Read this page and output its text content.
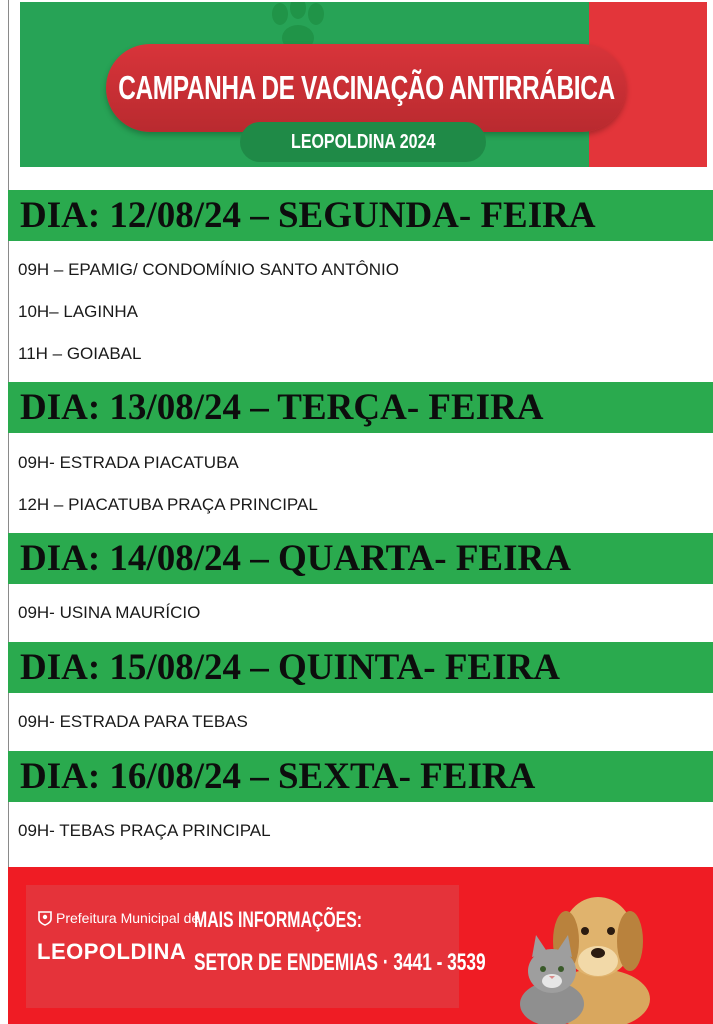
CAMPANHA DE VACINAÇÃO ANTIRRÁBICA
LEOPOLDINA 2024
DIA: 12/08/24 – SEGUNDA- FEIRA
09H – EPAMIG/ CONDOMÍNIO SANTO ANTÔNIO
10H– LAGINHA
11H – GOIABAL
DIA: 13/08/24 – TERÇA- FEIRA
09H- ESTRADA PIACATUBA
12H – PIACATUBA PRAÇA PRINCIPAL
DIA: 14/08/24 – QUARTA- FEIRA
09H- USINA MAURÍCIO
DIA: 15/08/24 – QUINTA- FEIRA
09H- ESTRADA PARA TEBAS
DIA: 16/08/24 – SEXTA- FEIRA
09H- TEBAS PRAÇA PRINCIPAL
Prefeitura Municipal de
LEOPOLDINA
MAIS INFORMAÇÕES:
SETOR DE ENDEMIAS · 3441 - 3539
